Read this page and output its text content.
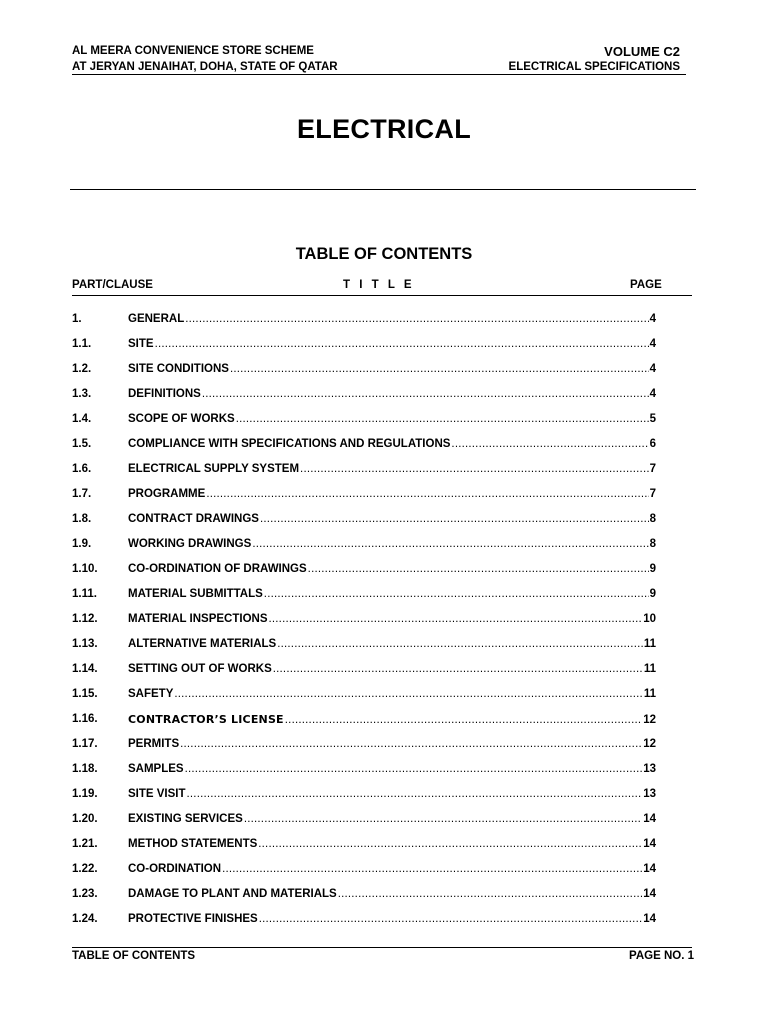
AL MEERA CONVENIENCE STORE SCHEME
AT JERYAN JENAIHAT, DOHA, STATE OF QATAR
VOLUME C2
ELECTRICAL SPECIFICATIONS
ELECTRICAL
TABLE OF CONTENTS
PART/CLAUSE	T I T L E	PAGE
1.	GENERAL .....	4
1.1.	SITE .....	4
1.2.	SITE CONDITIONS .....	4
1.3.	DEFINITIONS .....	4
1.4.	SCOPE OF WORKS .....	5
1.5.	COMPLIANCE WITH SPECIFICATIONS AND REGULATIONS .....	6
1.6.	ELECTRICAL SUPPLY SYSTEM .....	7
1.7.	PROGRAMME .....	7
1.8.	CONTRACT DRAWINGS .....	8
1.9.	WORKING DRAWINGS .....	8
1.10.	CO-ORDINATION OF DRAWINGS .....	9
1.11.	MATERIAL SUBMITTALS .....	9
1.12.	MATERIAL INSPECTIONS .....	10
1.13.	ALTERNATIVE MATERIALS .....	11
1.14.	SETTING OUT OF WORKS .....	11
1.15.	SAFETY .....	11
1.16.	CONTRACTOR’S LICENSE .....	12
1.17.	PERMITS .....	12
1.18.	SAMPLES .....	13
1.19.	SITE VISIT .....	13
1.20.	EXISTING SERVICES .....	14
1.21.	METHOD STATEMENTS .....	14
1.22.	CO-ORDINATION .....	14
1.23.	DAMAGE TO PLANT AND MATERIALS .....	14
1.24.	PROTECTIVE FINISHES .....	14
TABLE OF CONTENTS	PAGE NO. 1
